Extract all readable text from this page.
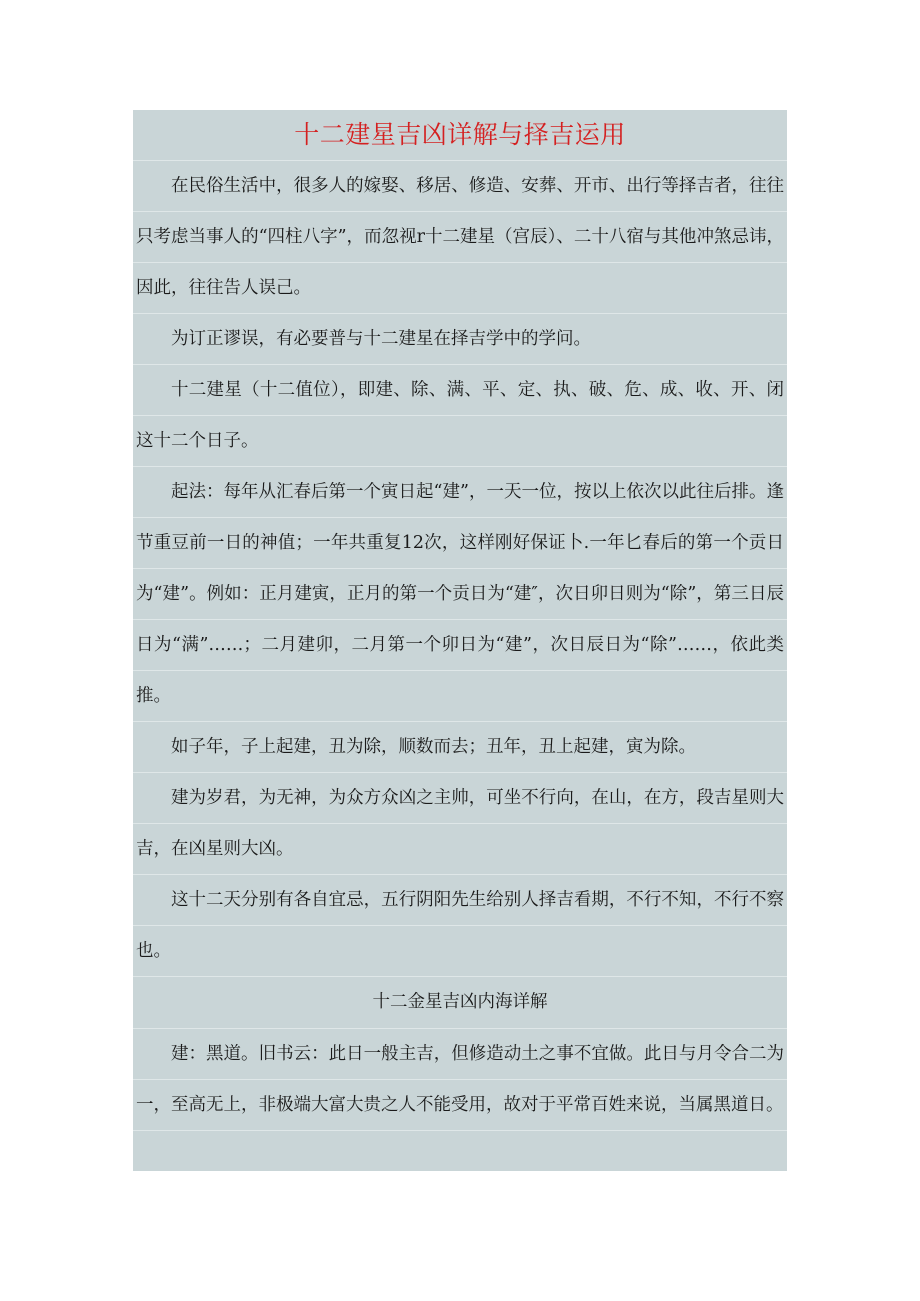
十二建星吉凶详解与择吉运用

在民俗生活中，很多人的嫁娶、移居、修造、安葬、开市、出行等择吉者，往往只考虑当事人的“四柱八字”，而忽视r十二建星（宫辰）、二十八宿与其他冲煞忌讳，因此，往往告人误己。

为订正谬误，有必要普与十二建星在择吉学中的学问。

十二建星（十二值位），即建、除、满、平、定、执、破、危、成、收、开、闭这十二个日子。

起法：每年从汇春后第一个寅日起“建”，一天一位，按以上依次以此往后排。逢节重豆前一日的神值；一年共重复12次，这样刚好保证卜.一年匕春后的第一个贡日为“建”。例如：正月建寅，正月的第一个贡日为“建″，次日卯日则为“除”，第三日辰日为“满”……；二月建卯，二月第一个卯日为“建”，次日辰日为“除”……，依此类推。

如子年，子上起建，丑为除，顺数而去；丑年，丑上起建，寅为除。

建为岁君，为无神，为众方众凶之主帅，可坐不行向，在山，在方，段吉星则大吉，在凶星则大凶。

这十二天分别有各自宜忌，五行阴阳先生给别人择吉看期，不行不知，不行不察也。

十二金星吉凶内海详解

建：黑道。旧书云：此日一般主吉，但修造动土之事不宜做。此日与月令合二为一，至高无上，非极端大富大贵之人不能受用，故对于平常百姓来说，当属黑道日。
